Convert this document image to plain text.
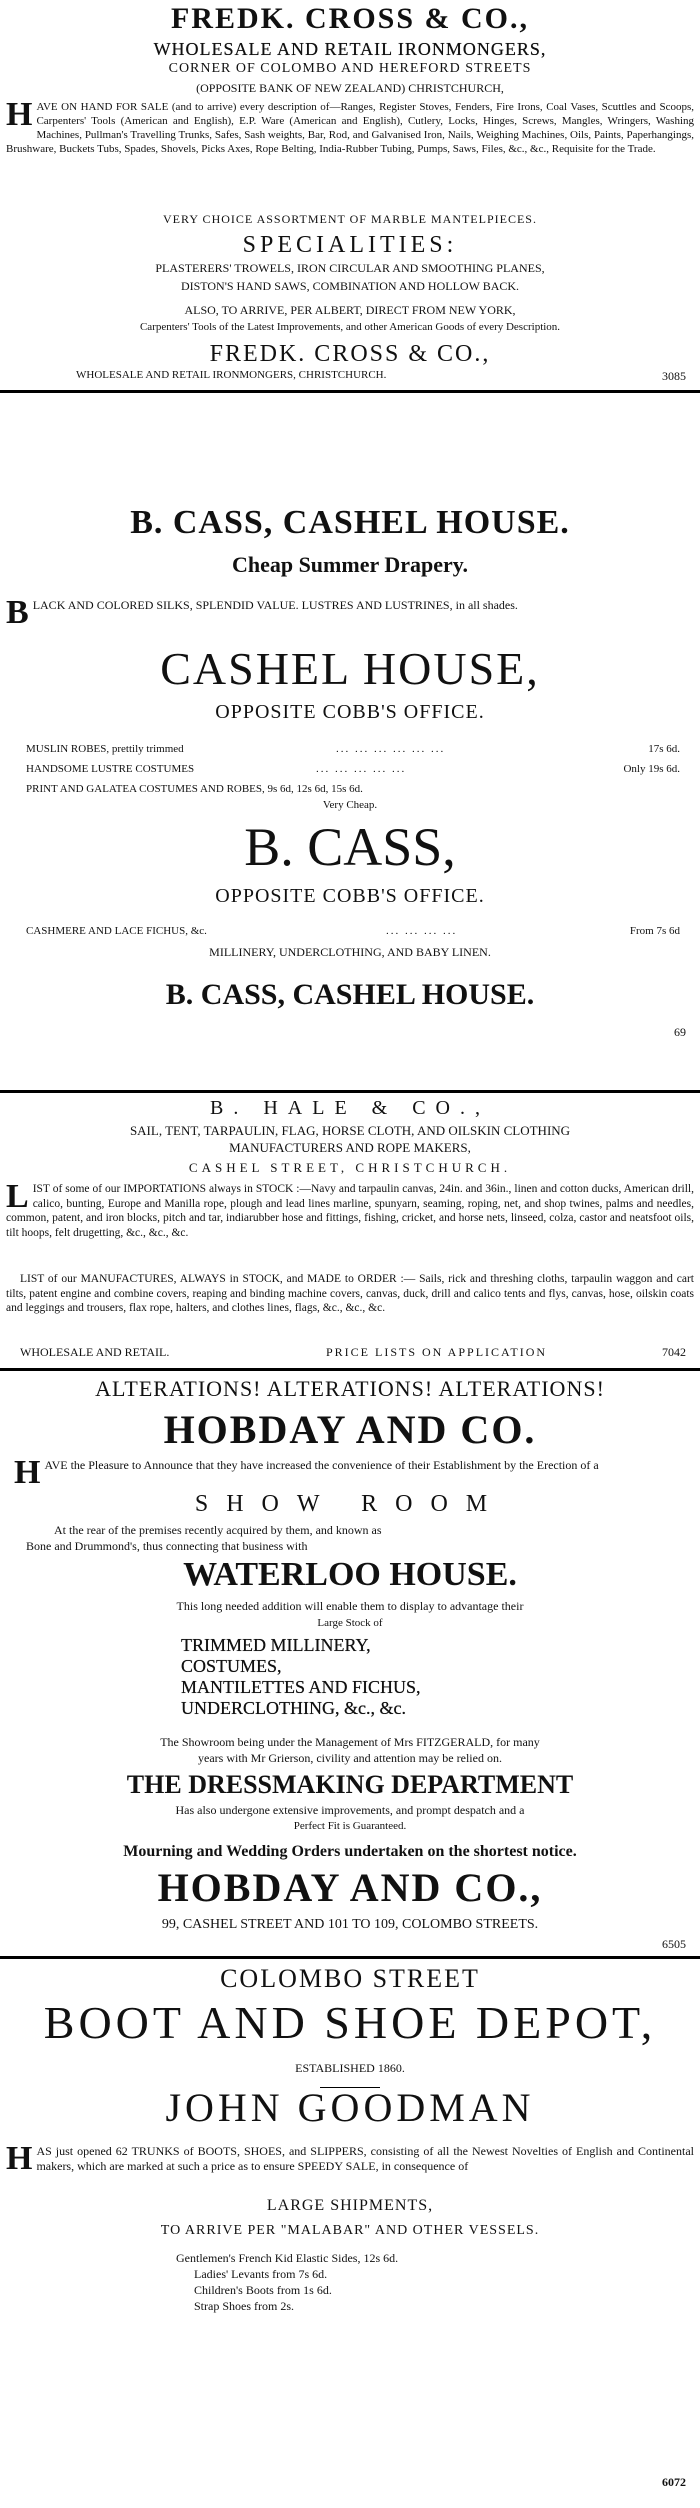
FREDK. CROSS & CO.,
WHOLESALE AND RETAIL IRONMONGERS,
CORNER OF COLOMBO AND HEREFORD STREETS
(OPPOSITE BANK OF NEW ZEALAND) CHRISTCHURCH,
HAVE ON HAND FOR SALE (and to arrive) every description of—Ranges, Register Stoves, Fenders, Fire Irons, Coal Vases, Scuttles and Scoops, Carpenters' Tools (American and English), E.P. Ware (American and English), Cutlery, Locks, Hinges, Screws, Mangles, Wringers, Washing Machines, Pullman's Travelling Trunks, Safes, Sash weights, Bar, Rod, and Galvanised Iron, Nails, Weighing Machines, Oils, Paints, Paperhangings, Brushware, Buckets Tubs, Spades, Shovels, Picks Axes, Rope Belting, India-Rubber Tubing, Pumps, Saws, Files, &c., &c., Requisite for the Trade.
VERY CHOICE ASSORTMENT OF MARBLE MANTELPIECES.
SPECIALITIES:
PLASTERERS' TROWELS, IRON CIRCULAR AND SMOOTHING PLANES,
DISTON'S HAND SAWS, COMBINATION AND HOLLOW BACK.
ALSO, TO ARRIVE, PER ALBERT, DIRECT FROM NEW YORK,
Carpenters' Tools of the Latest Improvements, and other American Goods of every Description.
FREDK. CROSS & CO.,
WHOLESALE AND RETAIL IRONMONGERS, CHRISTCHURCH.	3085
B. CASS, CASHEL HOUSE.
Cheap Summer Drapery.
BLACK AND COLORED SILKS, SPLENDID VALUE. LUSTRES AND LUSTRINES, in all shades.
CASHEL HOUSE,
OPPOSITE COBB'S OFFICE.
MUSLIN ROBES, prettily trimmed	... ... ... ... ... ...	17s 6d.
HANDSOME LUSTRE COSTUMES	... ... ... ... ...	Only 19s 6d.
PRINT AND GALATEA COSTUMES AND ROBES, 9s 6d, 12s 6d, 15s 6d.
Very Cheap.
B. CASS,
OPPOSITE COBB'S OFFICE.
CASHMERE AND LACE FICHUS, &c.	... ... ... ...	From 7s 6d
MILLINERY, UNDERCLOTHING, AND BABY LINEN.
B. CASS, CASHEL HOUSE.
69
B. HALE & CO.,
SAIL, TENT, TARPAULIN, FLAG, HORSE CLOTH, AND OILSKIN CLOTHING
MANUFACTURERS AND ROPE MAKERS,
CASHEL STREET, CHRISTCHURCH.
LIST of some of our IMPORTATIONS always in STOCK :—Navy and tarpaulin canvas, 24in. and 36in., linen and cotton ducks, American drill, calico, bunting, Europe and Manilla rope, plough and lead lines marline, spunyarn, seaming, roping, net, and shop twines, palms and needles, common, patent, and iron blocks, pitch and tar, indiarubber hose and fittings, fishing, cricket, and horse nets, linseed, colza, castor and neatsfoot oils, tilt hoops, felt drugetting, &c., &c., &c.
LIST of our MANUFACTURES, ALWAYS in STOCK, and MADE to ORDER :— Sails, rick and threshing cloths, tarpaulin waggon and cart tilts, patent engine and combine covers, reaping and binding machine covers, canvas, duck, drill and calico tents and flys, canvas, hose, oilskin coats and leggings and trousers, flax rope, halters, and clothes lines, flags, &c., &c., &c.
WHOLESALE AND RETAIL.	PRICE LISTS ON APPLICATION	7042
ALTERATIONS! ALTERATIONS! ALTERATIONS!
HOBDAY AND CO.
HAVE the Pleasure to Announce that they have increased the convenience of their Establishment by the Erection of a
SHOW ROOM
At the rear of the premises recently acquired by them, and known as
Bone and Drummond's, thus connecting that business with
WATERLOO HOUSE.
This long needed addition will enable them to display to advantage their
Large Stock of
TRIMMED MILLINERY,
COSTUMES,
MANTILETTES AND FICHUS,
UNDERCLOTHING, &c., &c.
The Showroom being under the Management of Mrs FITZGERALD, for many
years with Mr Grierson, civility and attention may be relied on.
THE DRESSMAKING DEPARTMENT
Has also undergone extensive improvements, and prompt despatch and a
Perfect Fit is Guaranteed.
Mourning and Wedding Orders undertaken on the shortest notice.
HOBDAY AND CO.,
99, CASHEL STREET AND 101 TO 109, COLOMBO STREETS.
6505
COLOMBO STREET
BOOT AND SHOE DEPOT,
ESTABLISHED 1860.
JOHN GOODMAN
HAS just opened 62 TRUNKS of BOOTS, SHOES, and SLIPPERS, consisting of all the Newest Novelties of English and Continental makers, which are marked at such a price as to ensure SPEEDY SALE, in consequence of
LARGE SHIPMENTS,
TO ARRIVE PER "MALABAR" AND OTHER VESSELS.
Gentlemen's French Kid Elastic Sides, 12s 6d.
Ladies' Levants from 7s 6d.
Children's Boots from 1s 6d.
Strap Shoes from 2s.
6072
